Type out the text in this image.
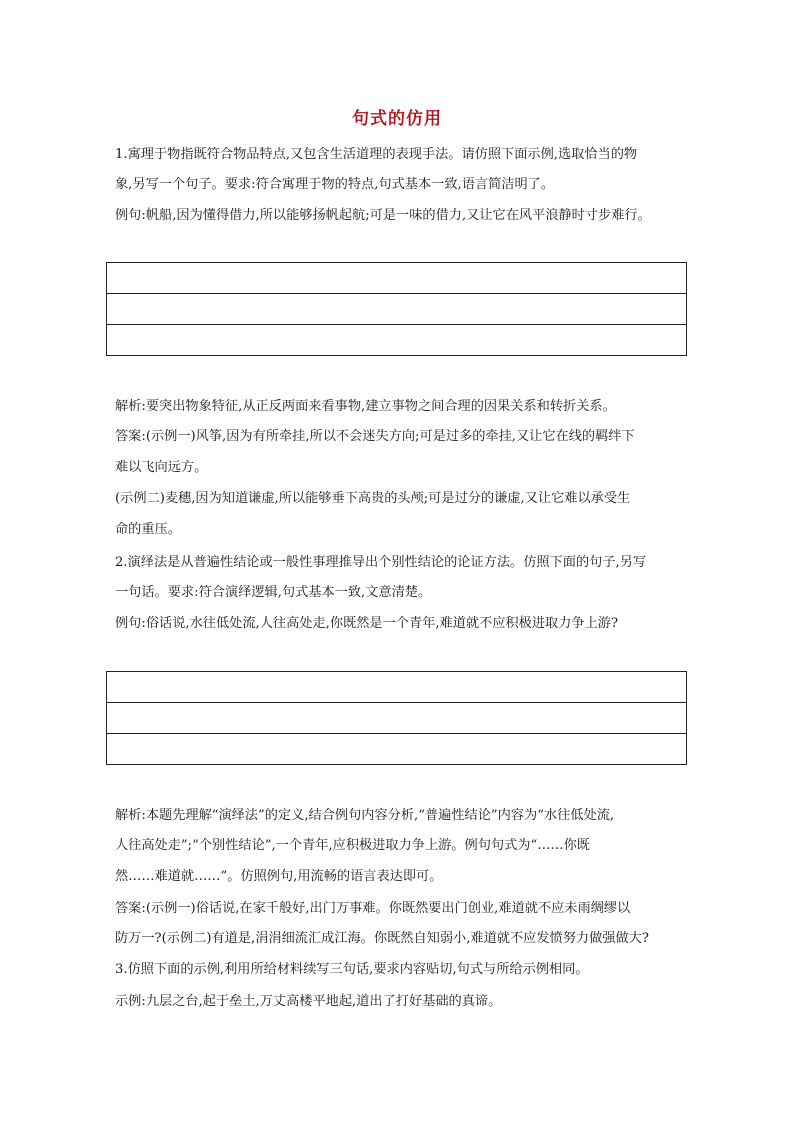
句式的仿用
1.寓理于物指既符合物品特点,又包含生活道理的表现手法。请仿照下面示例,选取恰当的物
象,另写一个句子。要求:符合寓理于物的特点,句式基本一致,语言简洁明了。
例句:帆船,因为懂得借力,所以能够扬帆起航;可是一味的借力,又让它在风平浪静时寸步难行。

解析:要突出物象特征,从正反两面来看事物,建立事物之间合理的因果关系和转折关系。
答案:(示例一)风筝,因为有所牵挂,所以不会迷失方向;可是过多的牵挂,又让它在线的羁绊下
难以飞向远方。
(示例二)麦穗,因为知道谦虚,所以能够垂下高贵的头颅;可是过分的谦虚,又让它难以承受生
命的重压。
2.演绎法是从普遍性结论或一般性事理推导出个别性结论的论证方法。仿照下面的句子,另写
一句话。要求:符合演绎逻辑,句式基本一致,文意清楚。
例句:俗话说,水往低处流,人往高处走,你既然是一个青年,难道就不应积极进取力争上游?

解析:本题先理解“演绎法”的定义,结合例句内容分析,“普遍性结论”内容为“水往低处流,
人往高处走”;“个别性结论”,一个青年,应积极进取力争上游。例句句式为“……你既
然……难道就……”。仿照例句,用流畅的语言表达即可。
答案:(示例一)俗话说,在家千般好,出门万事难。你既然要出门创业,难道就不应未雨绸缪以
防万一?(示例二)有道是,涓涓细流汇成江海。你既然自知弱小,难道就不应发愤努力做强做大?
3.仿照下面的示例,利用所给材料续写三句话,要求内容贴切,句式与所给示例相同。
示例:九层之台,起于垒土,万丈高楼平地起,道出了打好基础的真谛。
